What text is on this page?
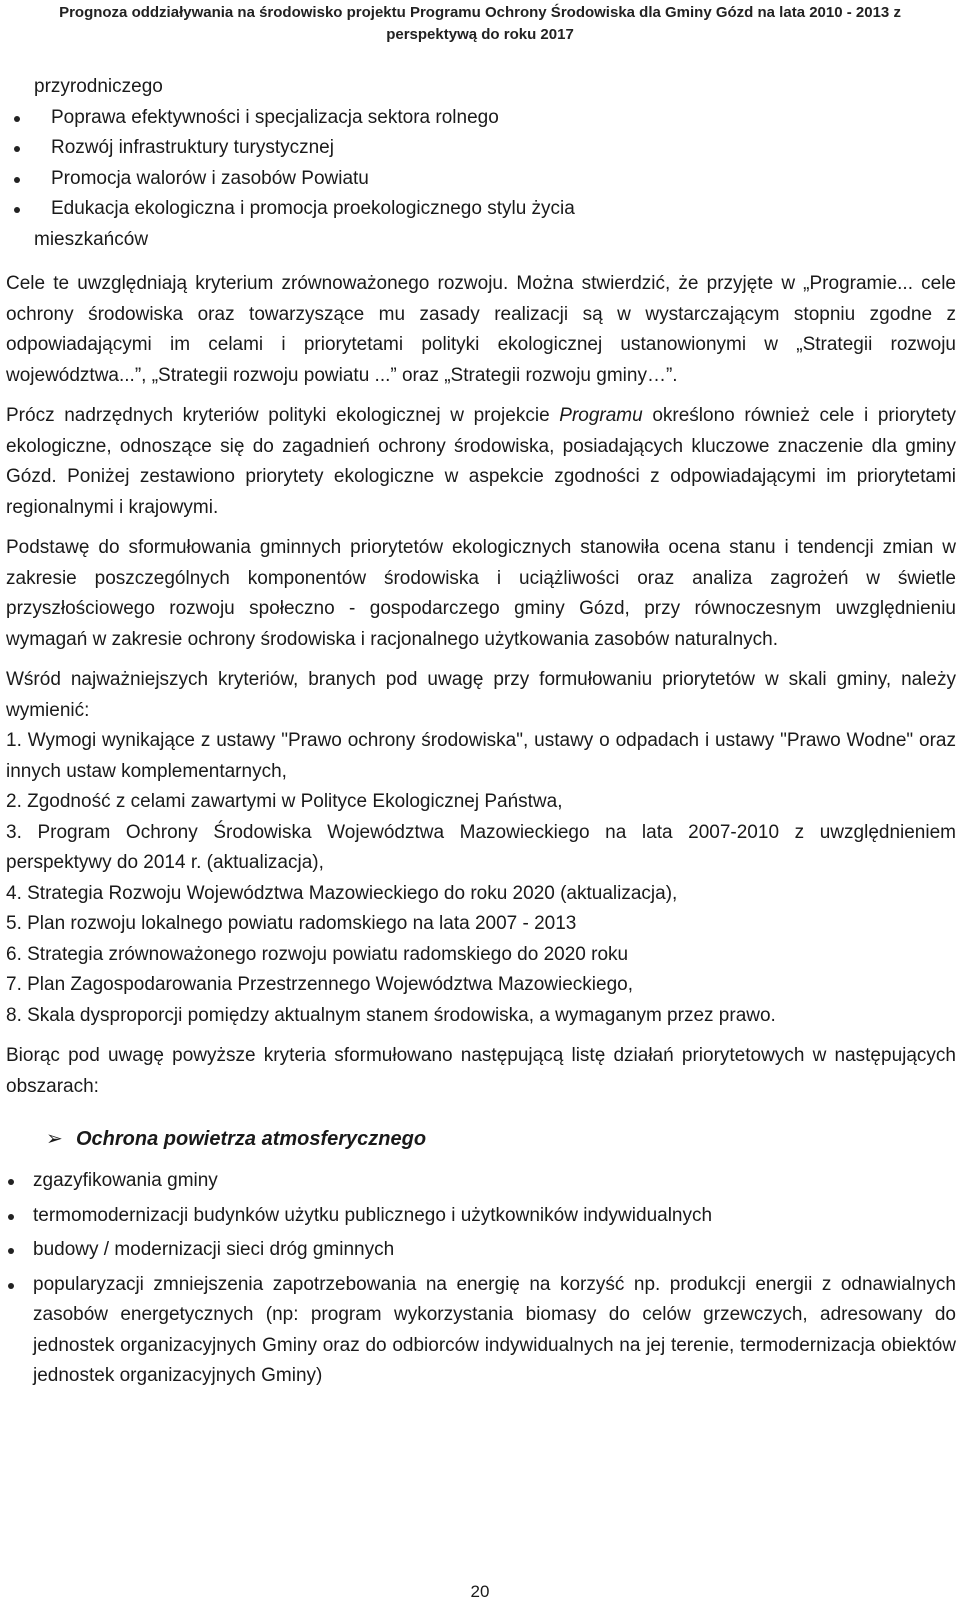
Prognoza oddziaływania na środowisko projektu Programu Ochrony Środowiska dla Gminy Gózd na lata 2010 - 2013 z
perspektywą do roku 2017
przyrodniczego
Poprawa efektywności i specjalizacja sektora rolnego
Rozwój infrastruktury turystycznej
Promocja walorów i zasobów Powiatu
Edukacja ekologiczna i promocja proekologicznego stylu życia
mieszkańców

Cele te uwzględniają kryterium zrównoważonego rozwoju. Można stwierdzić, że przyjęte w „Programie... cele ochrony środowiska oraz towarzyszące mu zasady realizacji są w wystarczającym stopniu zgodne z odpowiadającymi im celami i priorytetami polityki ekologicznej ustanowionymi w „Strategii rozwoju województwa...”, „Strategii rozwoju powiatu ...” oraz „Strategii rozwoju gminy…”.

Prócz nadrzędnych kryteriów polityki ekologicznej w projekcie Programu określono również cele i priorytety ekologiczne, odnoszące się do zagadnień ochrony środowiska, posiadających kluczowe znaczenie dla gminy Gózd. Poniżej zestawiono priorytety ekologiczne w aspekcie zgodności z odpowiadającymi im priorytetami regionalnymi i krajowymi.

Podstawę do sformułowania gminnych priorytetów ekologicznych stanowiła ocena stanu i tendencji zmian w zakresie poszczególnych komponentów środowiska i uciążliwości oraz analiza zagrożeń w świetle przyszłościowego rozwoju społeczno - gospodarczego gminy Gózd, przy równoczesnym uwzględnieniu wymagań w zakresie ochrony środowiska i racjonalnego użytkowania zasobów naturalnych.

Wśród najważniejszych kryteriów, branych pod uwagę przy formułowaniu priorytetów w skali gminy, należy wymienić:

1. Wymogi wynikające z ustawy "Prawo ochrony środowiska", ustawy o odpadach i ustawy "Prawo Wodne" oraz innych ustaw komplementarnych,
2. Zgodność z celami zawartymi w Polityce Ekologicznej Państwa,
3. Program Ochrony Środowiska Województwa Mazowieckiego na lata 2007-2010 z uwzględnieniem perspektywy do 2014 r. (aktualizacja),
4. Strategia Rozwoju Województwa Mazowieckiego do roku 2020 (aktualizacja),
5. Plan rozwoju lokalnego powiatu radomskiego na lata 2007 - 2013
6. Strategia zrównoważonego rozwoju powiatu radomskiego do 2020 roku
7. Plan Zagospodarowania Przestrzennego Województwa Mazowieckiego,
8. Skala dysproporcji pomiędzy aktualnym stanem środowiska, a wymaganym przez prawo.

Biorąc pod uwagę powyższe kryteria sformułowano następującą listę działań priorytetowych w następujących obszarach:

➢ Ochrona powietrza atmosferycznego
zgazyfikowania gminy
termomodernizacji budynków użytku publicznego i użytkowników indywidualnych
budowy / modernizacji sieci dróg gminnych
popularyzacji zmniejszenia zapotrzebowania na energię na korzyść np. produkcji energii z odnawialnych zasobów energetycznych (np: program wykorzystania biomasy do celów grzewczych, adresowany do jednostek organizacyjnych Gminy oraz do odbiorców indywidualnych na jej terenie, termodernizacja obiektów jednostek organizacyjnych Gminy)
20
